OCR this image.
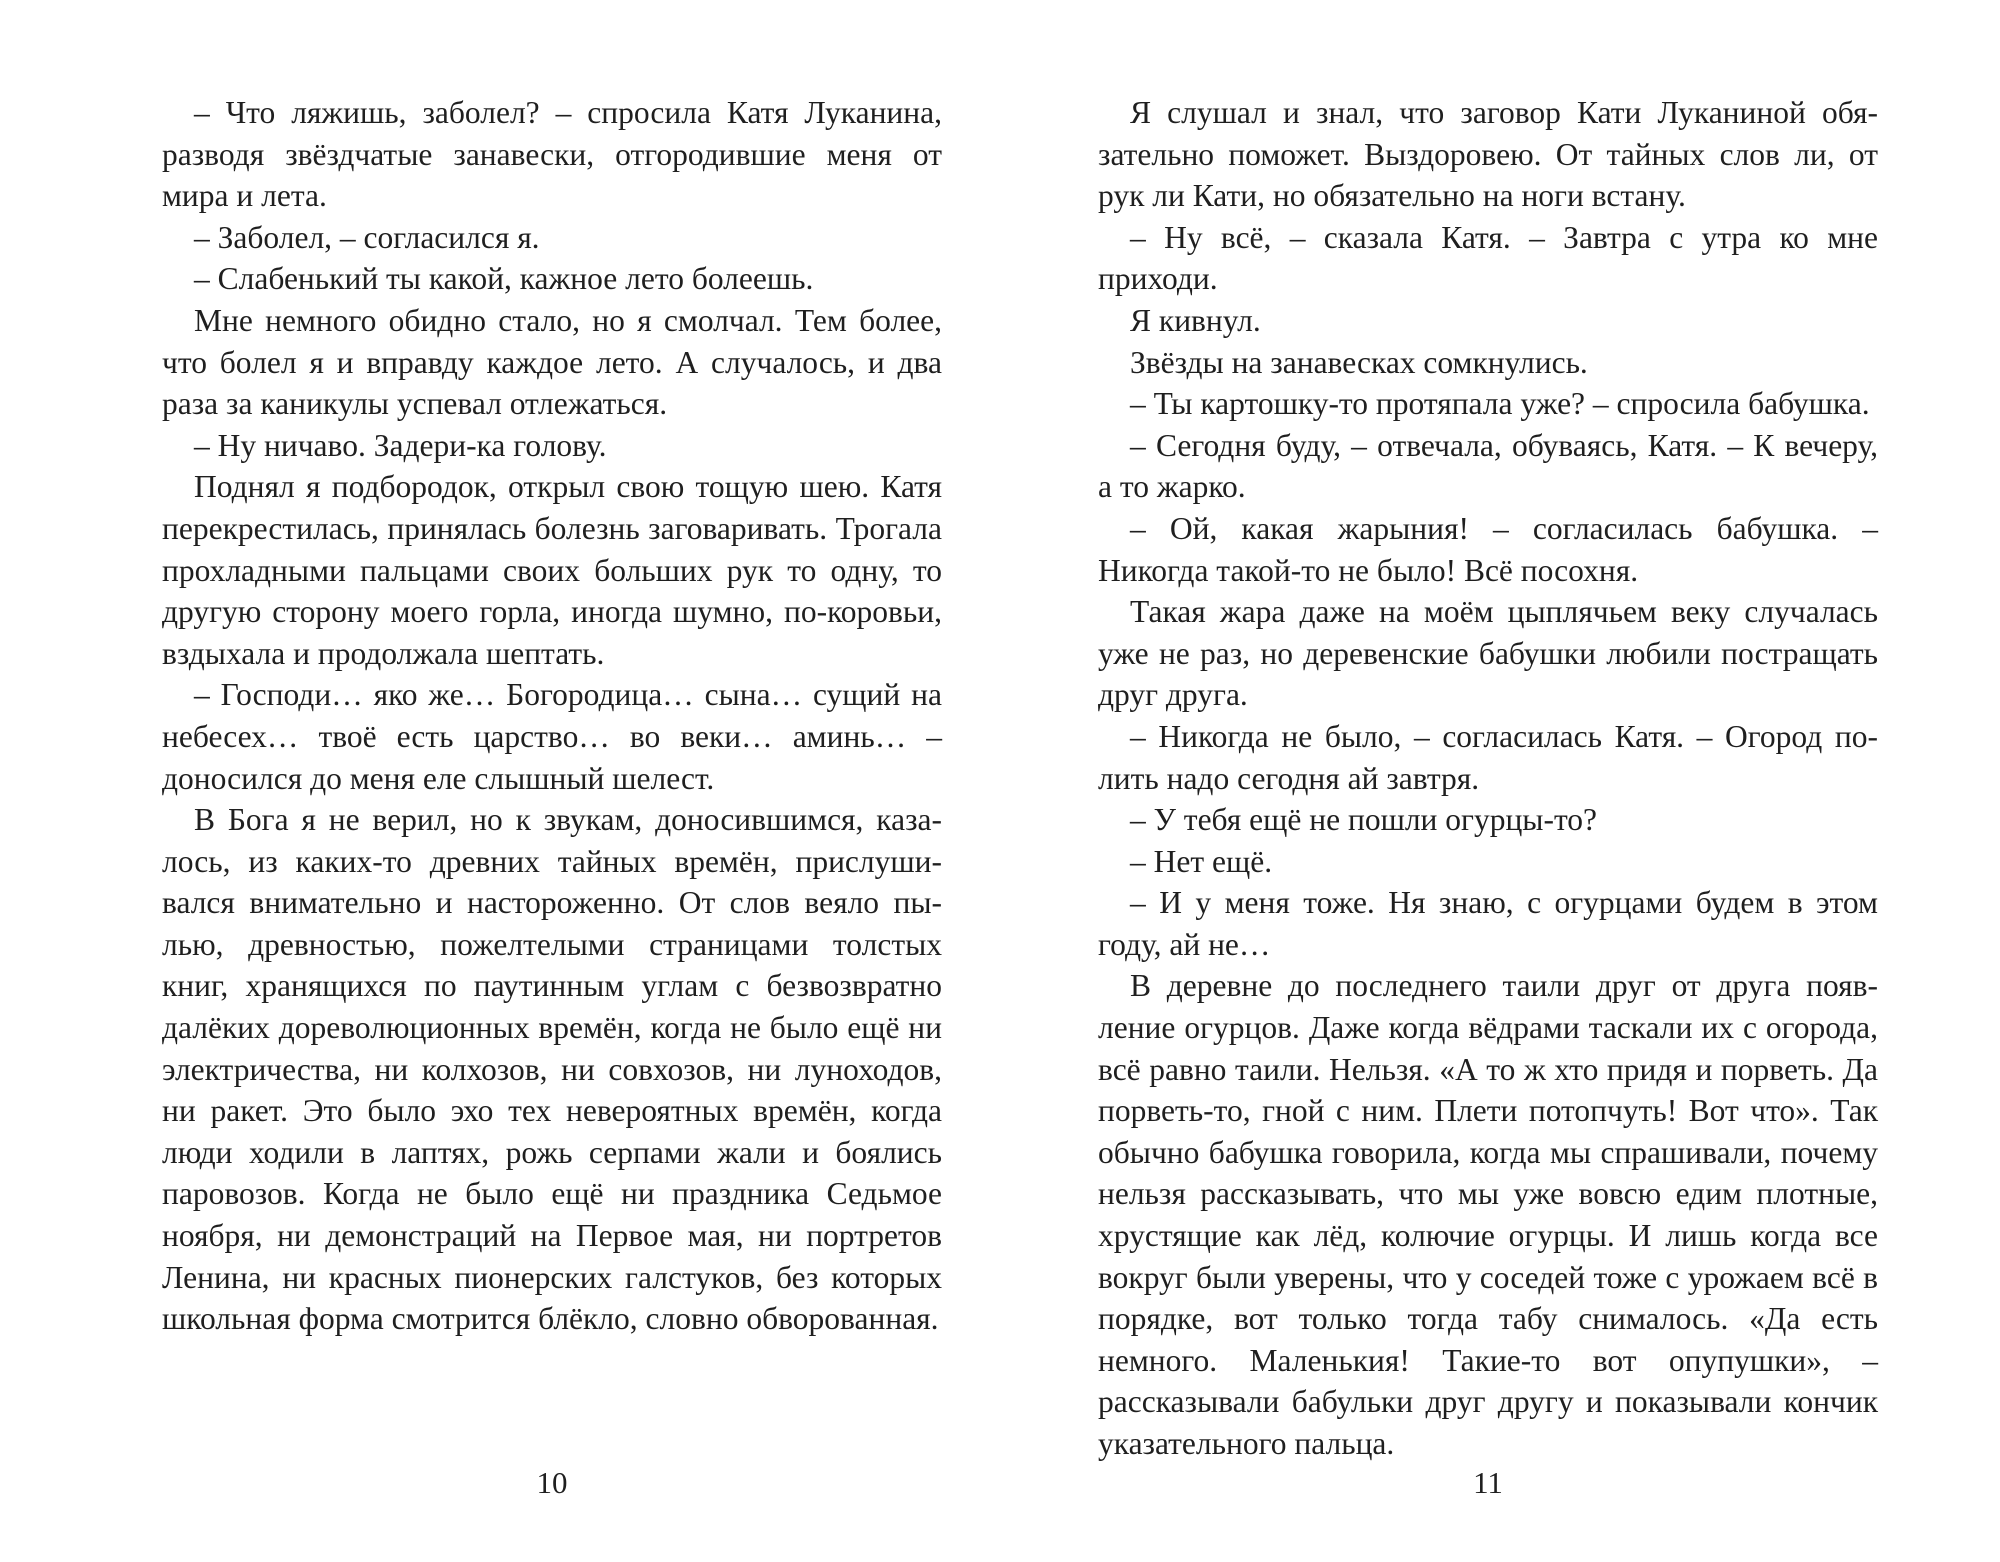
– Что ляжишь, заболел? – спросила Катя Луканина, разводя звёздчатые занавески, отгородившие меня от мира и лета.

– Заболел, – согласился я.

– Слабенький ты какой, кажное лето болеешь.

Мне немного обидно стало, но я смолчал. Тем более, что болел я и вправду каждое лето. А случалось, и два раза за каникулы успевал отлежаться.

– Ну ничаво. Задери-ка голову.

Поднял я подбородок, открыл свою тощую шею. Катя перекрестилась, принялась болезнь заговаривать. Трогала прохладными пальцами своих больших рук то одну, то другую сторону моего горла, иногда шумно, по-коровьи, вздыхала и продолжала шептать.

– Господи… яко же… Богородица… сына… сущий на небесех… твоё есть царство… во веки… аминь… – доносился до меня еле слышный шелест.

В Бога я не верил, но к звукам, доносившимся, казалось, из каких-то древних тайных времён, прислушивался внимательно и настороженно. От слов веяло пылью, древностью, пожелтелыми страницами толстых книг, хранящихся по паутинным углам с безвозвратно далёких дореволюционных времён, когда не было ещё ни электричества, ни колхозов, ни совхозов, ни луноходов, ни ракет. Это было эхо тех невероятных времён, когда люди ходили в лаптях, рожь серпами жали и боялись паровозов. Когда не было ещё ни праздника Седьмое ноября, ни демонстраций на Первое мая, ни портретов Ленина, ни красных пионерских галстуков, без которых школьная форма смотрится блёкло, словно обворованная.

10

Я слушал и знал, что заговор Кати Луканиной обязательно поможет. Выздоровею. От тайных слов ли, от рук ли Кати, но обязательно на ноги встану.

– Ну всё, – сказала Катя. – Завтра с утра ко мне приходи.

Я кивнул.

Звёзды на занавесках сомкнулись.

– Ты картошку-то протяпала уже? – спросила бабушка.

– Сегодня буду, – отвечала, обуваясь, Катя. – К вечеру, а то жарко.

– Ой, какая жарыния! – согласилась бабушка. – Никогда такой-то не было! Всё посохня.

Такая жара даже на моём цыплячьем веку случалась уже не раз, но деревенские бабушки любили постращать друг друга.

– Никогда не было, – согласилась Катя. – Огород полить надо сегодня ай завтря.

– У тебя ещё не пошли огурцы-то?

– Нет ещё.

– И у меня тоже. Ня знаю, с огурцами будем в этом году, ай не…

В деревне до последнего таили друг от друга появление огурцов. Даже когда вёдрами таскали их с огорода, всё равно таили. Нельзя. «А то ж хто придя и порветь. Да порветь-то, гной с ним. Плети потопчуть! Вот что». Так обычно бабушка говорила, когда мы спрашивали, почему нельзя рассказывать, что мы уже вовсю едим плотные, хрустящие как лёд, колючие огурцы. И лишь когда все вокруг были уверены, что у соседей тоже с урожаем всё в порядке, вот только тогда табу снималось. «Да есть немного. Маленькия! Такие-то вот опупушки», – рассказывали бабульки друг другу и показывали кончик указательного пальца.

11
